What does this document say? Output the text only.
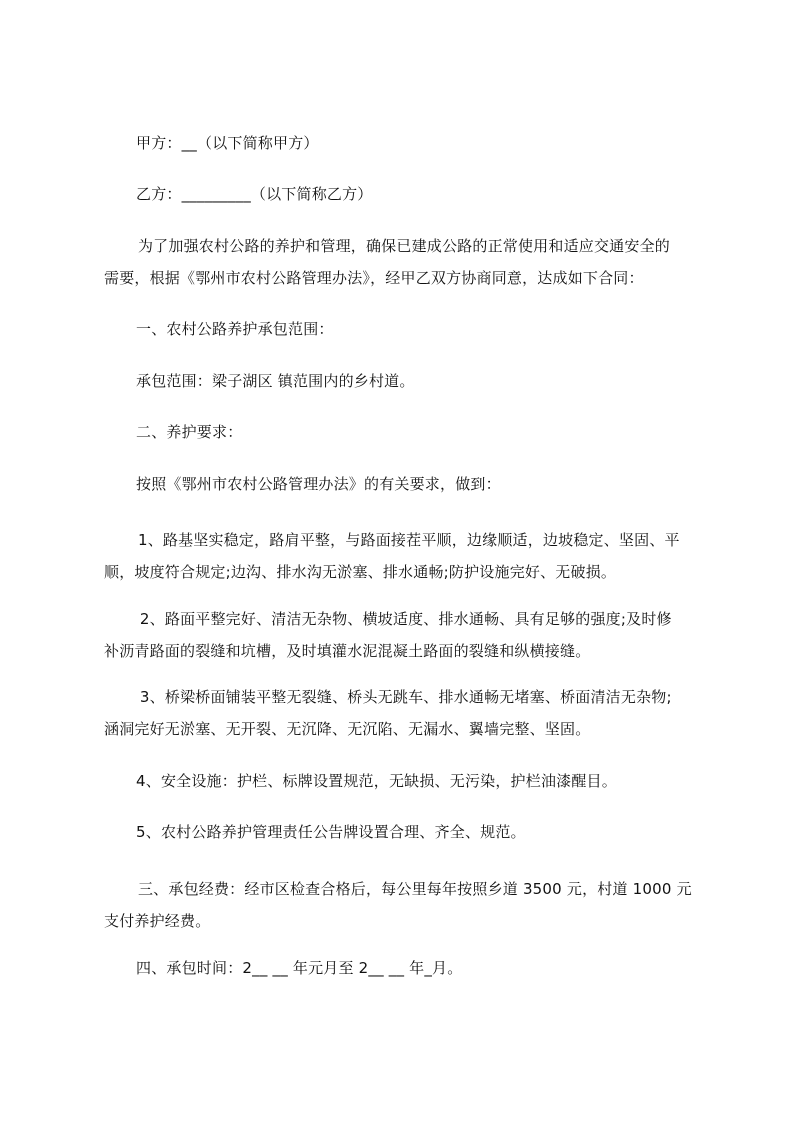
甲方：__（以下简称甲方）

乙方：_________（以下简称乙方）

为了加强农村公路的养护和管理，确保已建成公路的正常使用和适应交通安全的

需要，根据《鄂州市农村公路管理办法》，经甲乙双方协商同意，达成如下合同：

一、农村公路养护承包范围：

承包范围：梁子湖区 镇范围内的乡村道。

二、养护要求：

按照《鄂州市农村公路管理办法》的有关要求，做到：

1、路基坚实稳定，路肩平整，与路面接茬平顺，边缘顺适，边坡稳定、坚固、平

顺，坡度符合规定;边沟、排水沟无淤塞、排水通畅;防护设施完好、无破损。

2、路面平整完好、清洁无杂物、横坡适度、排水通畅、具有足够的强度;及时修

补沥青路面的裂缝和坑槽，及时填灌水泥混凝土路面的裂缝和纵横接缝。

3、桥梁桥面铺装平整无裂缝、桥头无跳车、排水通畅无堵塞、桥面清洁无杂物;

涵洞完好无淤塞、无开裂、无沉降、无沉陷、无漏水、翼墙完整、坚固。

4、安全设施：护栏、标牌设置规范，无缺损、无污染，护栏油漆醒目。

5、农村公路养护管理责任公告牌设置合理、齐全、规范。

三、承包经费：经市区检查合格后，每公里每年按照乡道 3500 元，村道 1000 元

支付养护经费。

四、承包时间：2__ __ 年元月至 2__ __ 年_月。
